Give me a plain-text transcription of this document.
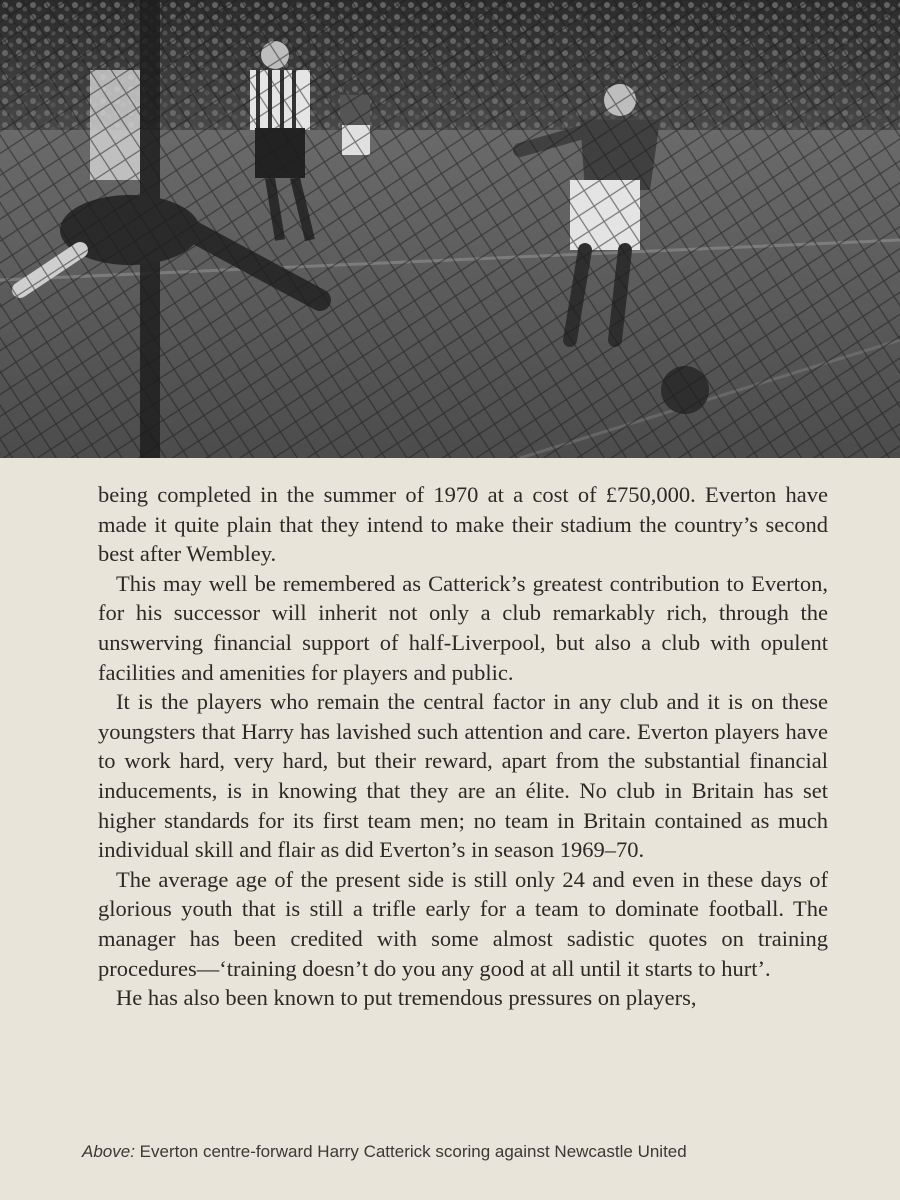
being completed in the summer of 1970 at a cost of £750,000. Everton have made it quite plain that they intend to make their stadium the country’s second best after Wembley.

This may well be remembered as Catterick’s greatest contribution to Everton, for his successor will inherit not only a club remarkably rich, through the unswerving financial support of half-Liverpool, but also a club with opulent facilities and amenities for players and public.

It is the players who remain the central factor in any club and it is on these youngsters that Harry has lavished such attention and care. Everton players have to work hard, very hard, but their reward, apart from the substantial financial inducements, is in knowing that they are an élite. No club in Britain has set higher standards for its first team men; no team in Britain contained as much individual skill and flair as did Everton’s in season 1969–70.

The average age of the present side is still only 24 and even in these days of glorious youth that is still a trifle early for a team to dominate football. The manager has been credited with some almost sadistic quotes on training procedures—‘training doesn’t do you any good at all until it starts to hurt’.

He has also been known to put tremendous pressures on players,

Above: Everton centre-forward Harry Catterick scoring against Newcastle United
